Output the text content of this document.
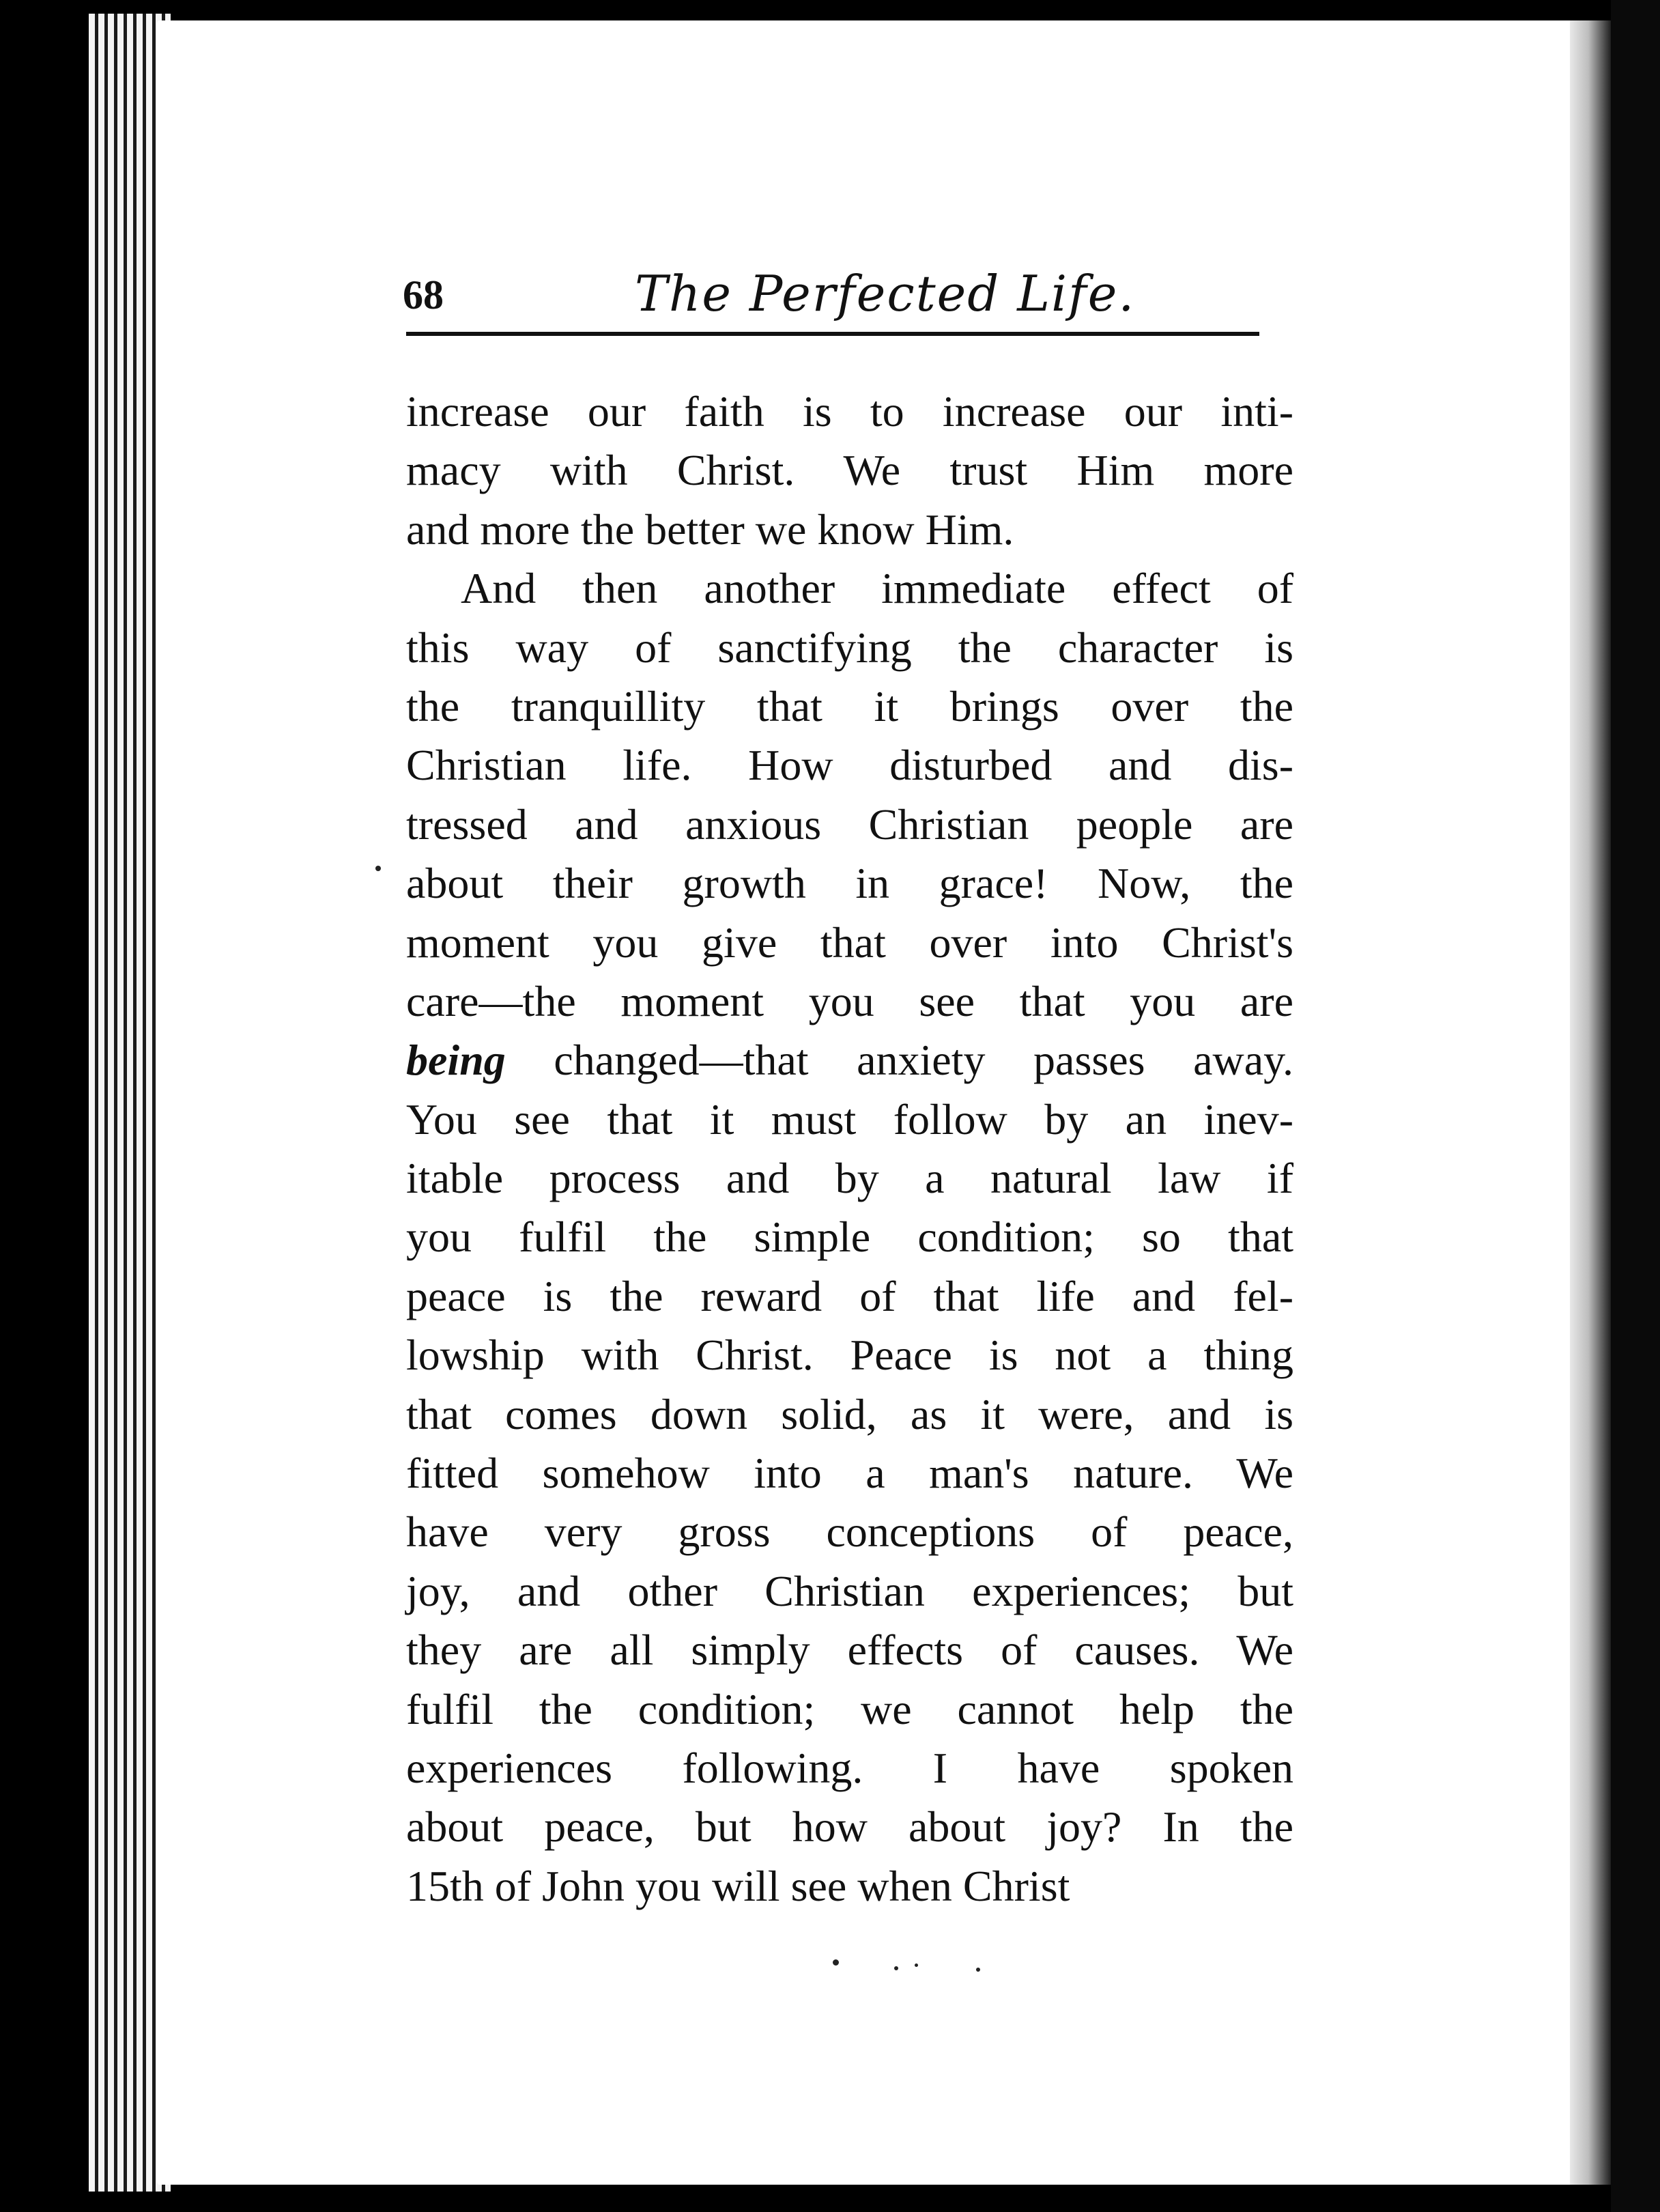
68	The Perfected Life.
increase our faith is to increase our inti-
macy with Christ. We trust Him more
and more the better we know Him.
And then another immediate effect of
this way of sanctifying the character is
the tranquillity that it brings over the
Christian life. How disturbed and dis-
tressed and anxious Christian people are
about their growth in grace! Now, the
moment you give that over into Christ's
care—the moment you see that you are
being changed—that anxiety passes away.
You see that it must follow by an inev-
itable process and by a natural law if
you fulfil the simple condition; so that
peace is the reward of that life and fel-
lowship with Christ. Peace is not a thing
that comes down solid, as it were, and is
fitted somehow into a man's nature. We
have very gross conceptions of peace,
joy, and other Christian experiences; but
they are all simply effects of causes. We
fulfil the condition; we cannot help the
experiences following. I have spoken
about peace, but how about joy? In the
15th of John you will see when Christ
